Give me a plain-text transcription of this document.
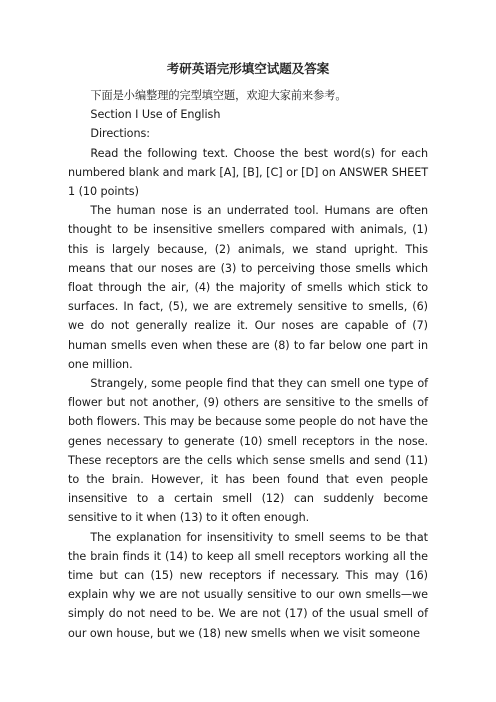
考研英语完形填空试题及答案

下面是小编整理的完型填空题，欢迎大家前来参考。

Section I Use of English

Directions:

Read the following text. Choose the best word(s) for each numbered blank and mark [A], [B], [C] or [D] on ANSWER SHEET 1 (10 points)

The human nose is an underrated tool. Humans are often thought to be insensitive smellers compared with animals, (1) this is largely because, (2) animals, we stand upright. This means that our noses are (3) to perceiving those smells which float through the air, (4) the majority of smells which stick to surfaces. In fact, (5), we are extremely sensitive to smells, (6) we do not generally realize it. Our noses are capable of (7) human smells even when these are (8) to far below one part in one million.

Strangely, some people find that they can smell one type of flower but not another, (9) others are sensitive to the smells of both flowers. This may be because some people do not have the genes necessary to generate (10) smell receptors in the nose. These receptors are the cells which sense smells and send (11) to the brain. However, it has been found that even people insensitive to a certain smell (12) can suddenly become sensitive to it when (13) to it often enough.

The explanation for insensitivity to smell seems to be that the brain finds it (14) to keep all smell receptors working all the time but can (15) new receptors if necessary. This may (16) explain why we are not usually sensitive to our own smells—we simply do not need to be. We are not (17) of the usual smell of our own house, but we (18) new smells when we visit someone
